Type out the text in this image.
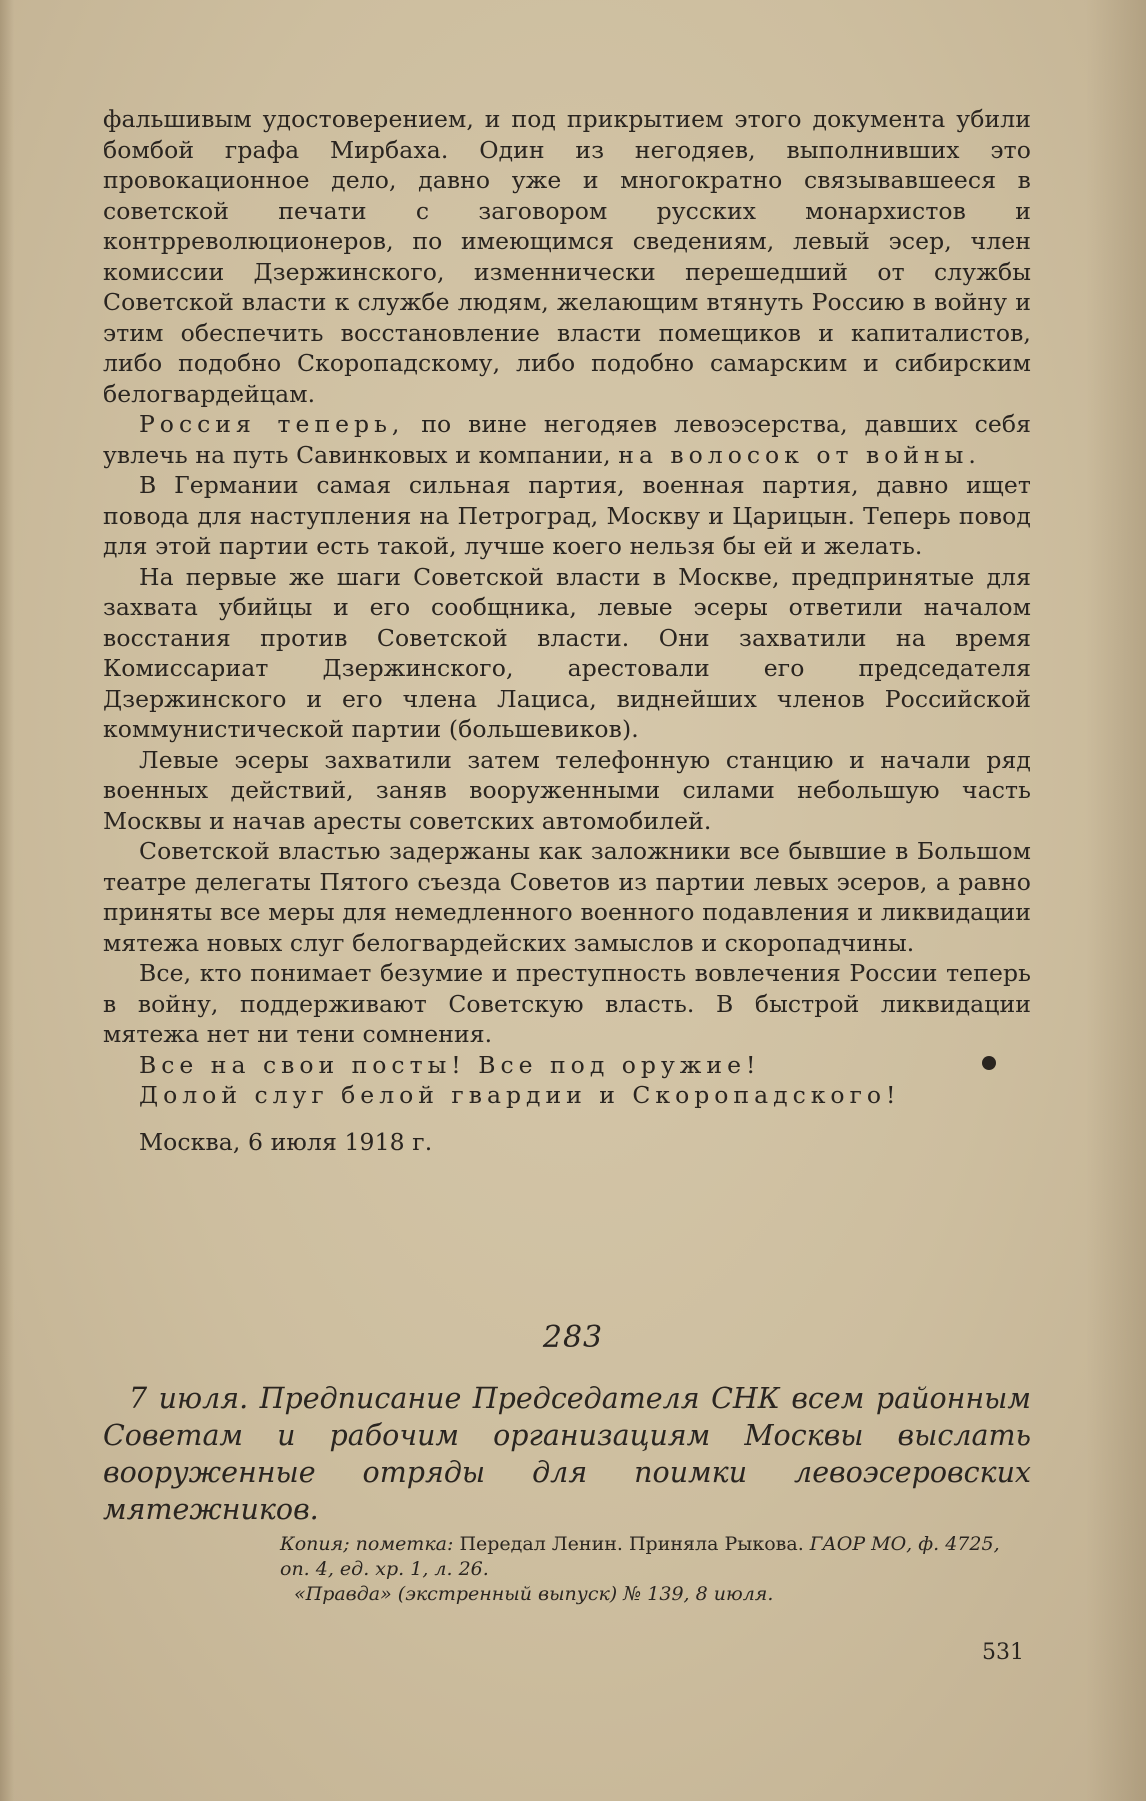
фальшивым удостоверением, и под прикрытием этого документа убили бомбой графа Мирбаха. Один из негодяев, выполнивших это провокационное дело, давно уже и многократно связывавшееся в советской печати с заговором русских монархистов и контрреволюционеров, по имеющимся сведениям, левый эсер, член комиссии Дзержинского, изменнически перешедший от службы Советской власти к службе людям, желающим втянуть Россию в войну и этим обеспечить восстановление власти помещиков и капиталистов, либо подобно Скоропадскому, либо подобно самарским и сибирским белогвардейцам.

Россия теперь, по вине негодяев левоэсерства, давших себя увлечь на путь Савинковых и компании, на волосок от войны.

В Германии самая сильная партия, военная партия, давно ищет повода для наступления на Петроград, Москву и Царицын. Теперь повод для этой партии есть такой, лучше коего нельзя бы ей и желать.

На первые же шаги Советской власти в Москве, предпринятые для захвата убийцы и его сообщника, левые эсеры ответили началом восстания против Советской власти. Они захватили на время Комиссариат Дзержинского, арестовали его председателя Дзержинского и его члена Лациса, виднейших членов Российской коммунистической партии (большевиков).

Левые эсеры захватили затем телефонную станцию и начали ряд военных действий, заняв вооруженными силами небольшую часть Москвы и начав аресты советских автомобилей.

Советской властью задержаны как заложники все бывшие в Большом театре делегаты Пятого съезда Советов из партии левых эсеров, а равно приняты все меры для немедленного военного подавления и ликвидации мятежа новых слуг белогвардейских замыслов и скоропадчины.

Все, кто понимает безумие и преступность вовлечения России теперь в войну, поддерживают Советскую власть. В быстрой ликвидации мятежа нет ни тени сомнения.

Все на свои посты! Все под оружие!

Долой слуг белой гвардии и Скоропадского!

Москва, 6 июля 1918 г.

283

7 июля. Предписание Председателя СНК всем районным Советам и рабочим организациям Москвы выслать вооруженные отряды для поимки левоэсеровских мятежников.

Копия; пометка: Передал Ленин. Приняла Рыкова. ГАОР МО, ф. 4725, оп. 4, ед. хр. 1, л. 26.

«Правда» (экстренный выпуск) № 139, 8 июля.

531
